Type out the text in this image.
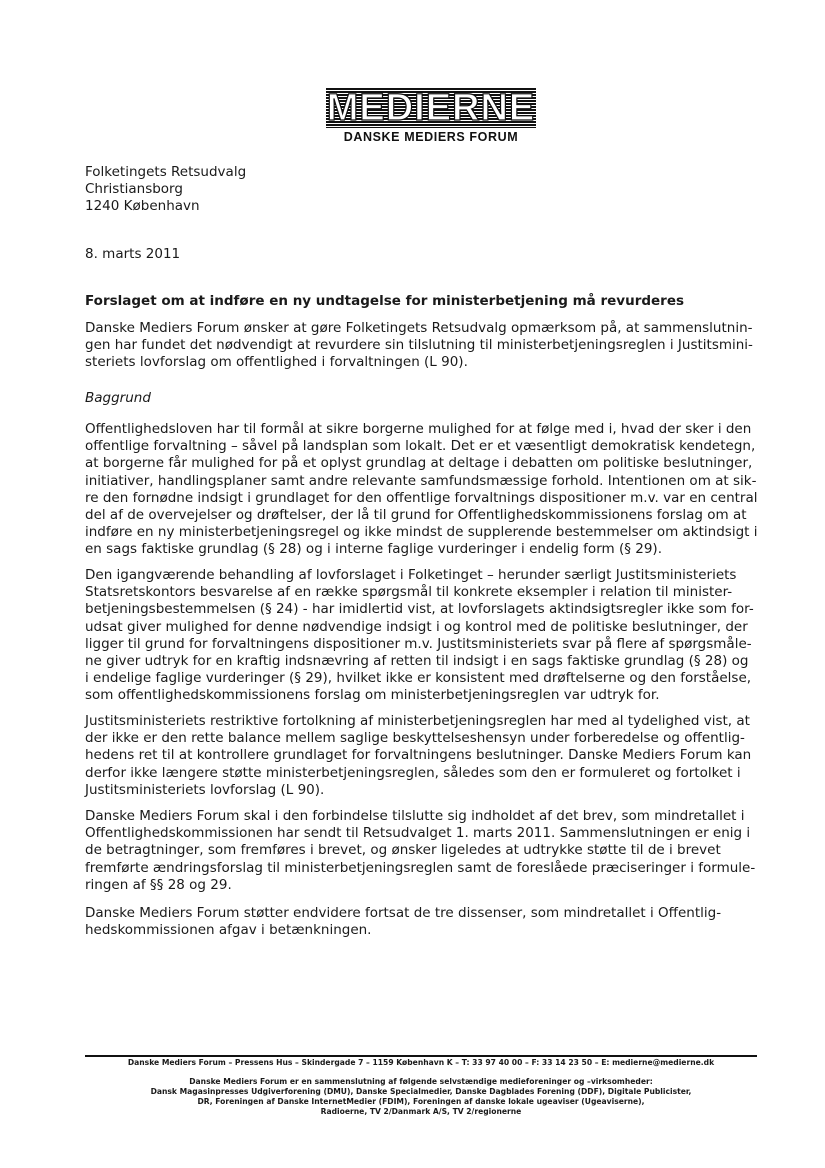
MEDIERNE
DANSKE MEDIERS FORUM
Folketingets Retsudvalg
Christiansborg
1240 København
8. marts 2011
Forslaget om at indføre en ny undtagelse for ministerbetjening må revurderes
Danske Mediers Forum ønsker at gøre Folketingets Retsudvalg opmærksom på, at sammenslutnin-
gen har fundet det nødvendigt at revurdere sin tilslutning til ministerbetjeningsreglen i Justitsmini-
steriets lovforslag om offentlighed i forvaltningen (L 90).
Baggrund
Offentlighedsloven har til formål at sikre borgerne mulighed for at følge med i, hvad der sker i den
offentlige forvaltning – såvel på landsplan som lokalt. Det er et væsentligt demokratisk kendetegn,
at borgerne får mulighed for på et oplyst grundlag at deltage i debatten om politiske beslutninger,
initiativer, handlingsplaner samt andre relevante samfundsmæssige forhold. Intentionen om at sik-
re den fornødne indsigt i grundlaget for den offentlige forvaltnings dispositioner m.v. var en central
del af de overvejelser og drøftelser, der lå til grund for Offentlighedskommissionens forslag om at
indføre en ny ministerbetjeningsregel og ikke mindst de supplerende bestemmelser om aktindsigt i
en sags faktiske grundlag (§ 28) og i interne faglige vurderinger i endelig form (§ 29).
Den igangværende behandling af lovforslaget i Folketinget – herunder særligt Justitsministeriets
Statsretskontors besvarelse af en række spørgsmål til konkrete eksempler i relation til minister-
betjeningsbestemmelsen (§ 24) - har imidlertid vist, at lovforslagets aktindsigtsregler ikke som for-
udsat giver mulighed for denne nødvendige indsigt i og kontrol med de politiske beslutninger, der
ligger til grund for forvaltningens dispositioner m.v. Justitsministeriets svar på flere af spørgsmåle-
ne giver udtryk for en kraftig indsnævring af retten til indsigt i en sags faktiske grundlag (§ 28) og
i endelige faglige vurderinger (§ 29), hvilket ikke er konsistent med drøftelserne og den forståelse,
som offentlighedskommissionens forslag om ministerbetjeningsreglen var udtryk for.
Justitsministeriets restriktive fortolkning af ministerbetjeningsreglen har med al tydelighed vist, at
der ikke er den rette balance mellem saglige beskyttelseshensyn under forberedelse og offentlig-
hedens ret til at kontrollere grundlaget for forvaltningens beslutninger. Danske Mediers Forum kan
derfor ikke længere støtte ministerbetjeningsreglen, således som den er formuleret og fortolket i
Justitsministeriets lovforslag (L 90).
Danske Mediers Forum skal i den forbindelse tilslutte sig indholdet af det brev, som mindretallet i
Offentlighedskommissionen har sendt til Retsudvalget 1. marts 2011. Sammenslutningen er enig i
de betragtninger, som fremføres i brevet, og ønsker ligeledes at udtrykke støtte til de i brevet
fremførte ændringsforslag til ministerbetjeningsreglen samt de foreslåede præciseringer i formule-
ringen af §§ 28 og 29.
Danske Mediers Forum støtter endvidere fortsat de tre dissenser, som mindretallet i Offentlig-
hedskommissionen afgav i betænkningen.
Danske Mediers Forum – Pressens Hus – Skindergade 7 – 1159 København K – T: 33 97 40 00 – F: 33 14 23 50 – E: medierne@medierne.dk
Danske Mediers Forum er en sammenslutning af følgende selvstændige medieforeninger og –virksomheder:
Dansk Magasinpresses Udgiverforening (DMU), Danske Specialmedier, Danske Dagblades Forening (DDF), Digitale Publicister,
DR, Foreningen af Danske InternetMedier (FDIM), Foreningen af danske lokale ugeaviser (Ugeaviserne),
Radioerne, TV 2/Danmark A/S, TV 2/regionerne
